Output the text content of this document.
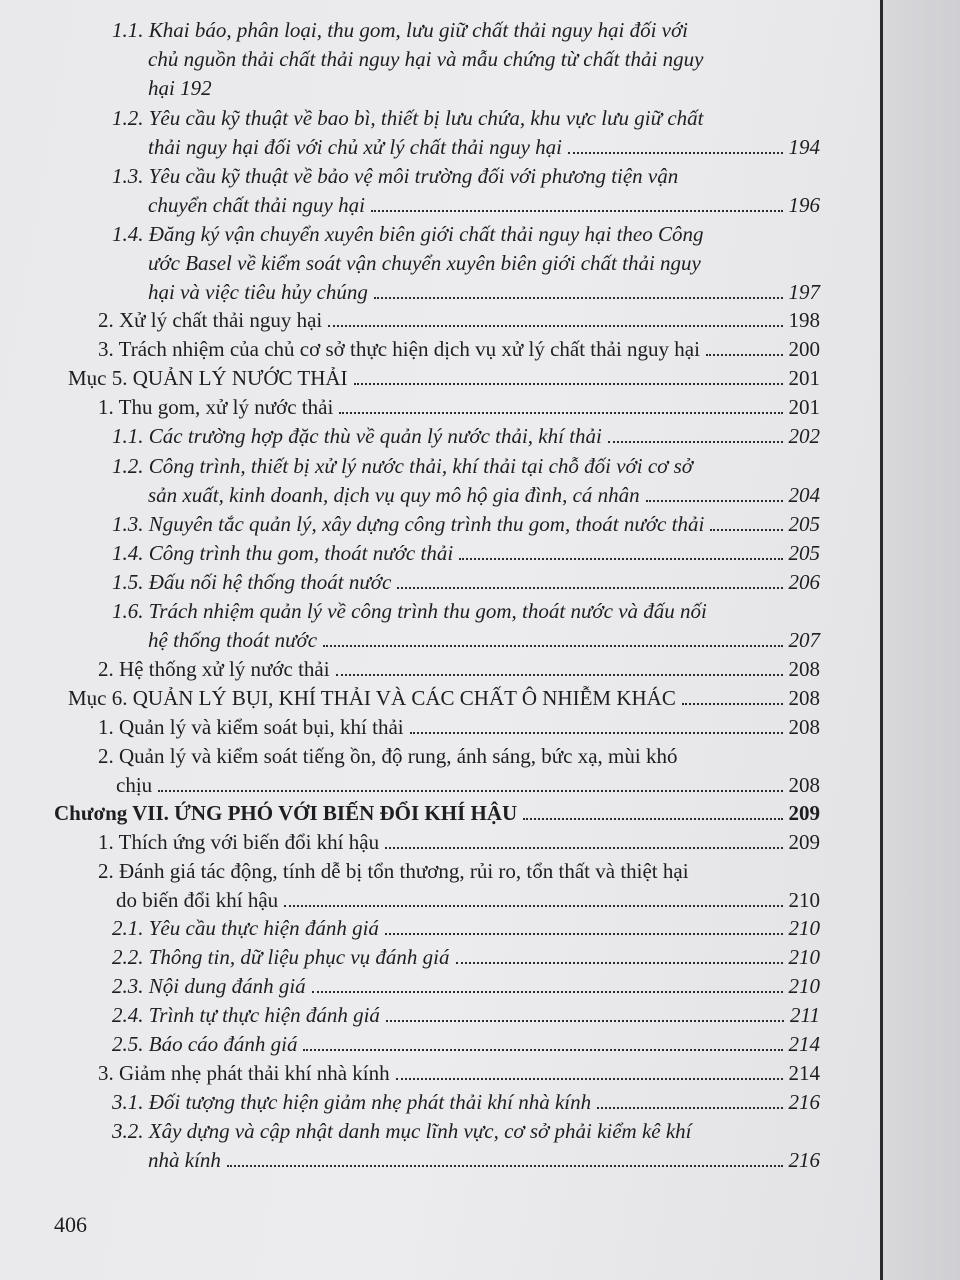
1.1. Khai báo, phân loại, thu gom, lưu giữ chất thải nguy hại đối với
chủ nguồn thải chất thải nguy hại và mẫu chứng từ chất thải nguy
hại 192
1.2. Yêu cầu kỹ thuật về bao bì, thiết bị lưu chứa, khu vực lưu giữ chất
thải nguy hại đối với chủ xử lý chất thải nguy hại	194
1.3. Yêu cầu kỹ thuật về bảo vệ môi trường đối với phương tiện vận
chuyển chất thải nguy hại	196
1.4. Đăng ký vận chuyển xuyên biên giới chất thải nguy hại theo Công
ước Basel về kiểm soát vận chuyển xuyên biên giới chất thải nguy
hại và việc tiêu hủy chúng	197
2. Xử lý chất thải nguy hại	198
3. Trách nhiệm của chủ cơ sở thực hiện dịch vụ xử lý chất thải nguy hại	200
Mục 5. QUẢN LÝ NƯỚC THẢI	201
1. Thu gom, xử lý nước thải	201
1.1. Các trường hợp đặc thù về quản lý nước thải, khí thải	202
1.2. Công trình, thiết bị xử lý nước thải, khí thải tại chỗ đối với cơ sở
sản xuất, kinh doanh, dịch vụ quy mô hộ gia đình, cá nhân	204
1.3. Nguyên tắc quản lý, xây dựng công trình thu gom, thoát nước thải	205
1.4. Công trình thu gom, thoát nước thải	205
1.5. Đấu nối hệ thống thoát nước	206
1.6. Trách nhiệm quản lý về công trình thu gom, thoát nước và đấu nối
hệ thống thoát nước	207
2. Hệ thống xử lý nước thải	208
Mục 6. QUẢN LÝ BỤI, KHÍ THẢI VÀ CÁC CHẤT Ô NHIỄM KHÁC	208
1. Quản lý và kiểm soát bụi, khí thải	208
2. Quản lý và kiểm soát tiếng ồn, độ rung, ánh sáng, bức xạ, mùi khó
chịu	208
Chương VII. ỨNG PHÓ VỚI BIẾN ĐỔI KHÍ HẬU	209
1. Thích ứng với biến đổi khí hậu	209
2. Đánh giá tác động, tính dễ bị tổn thương, rủi ro, tổn thất và thiệt hại
do biến đổi khí hậu	210
2.1. Yêu cầu thực hiện đánh giá	210
2.2. Thông tin, dữ liệu phục vụ đánh giá	210
2.3. Nội dung đánh giá	210
2.4. Trình tự thực hiện đánh giá	211
2.5. Báo cáo đánh giá	214
3. Giảm nhẹ phát thải khí nhà kính	214
3.1. Đối tượng thực hiện giảm nhẹ phát thải khí nhà kính	216
3.2. Xây dựng và cập nhật danh mục lĩnh vực, cơ sở phải kiểm kê khí
nhà kính	216
406
